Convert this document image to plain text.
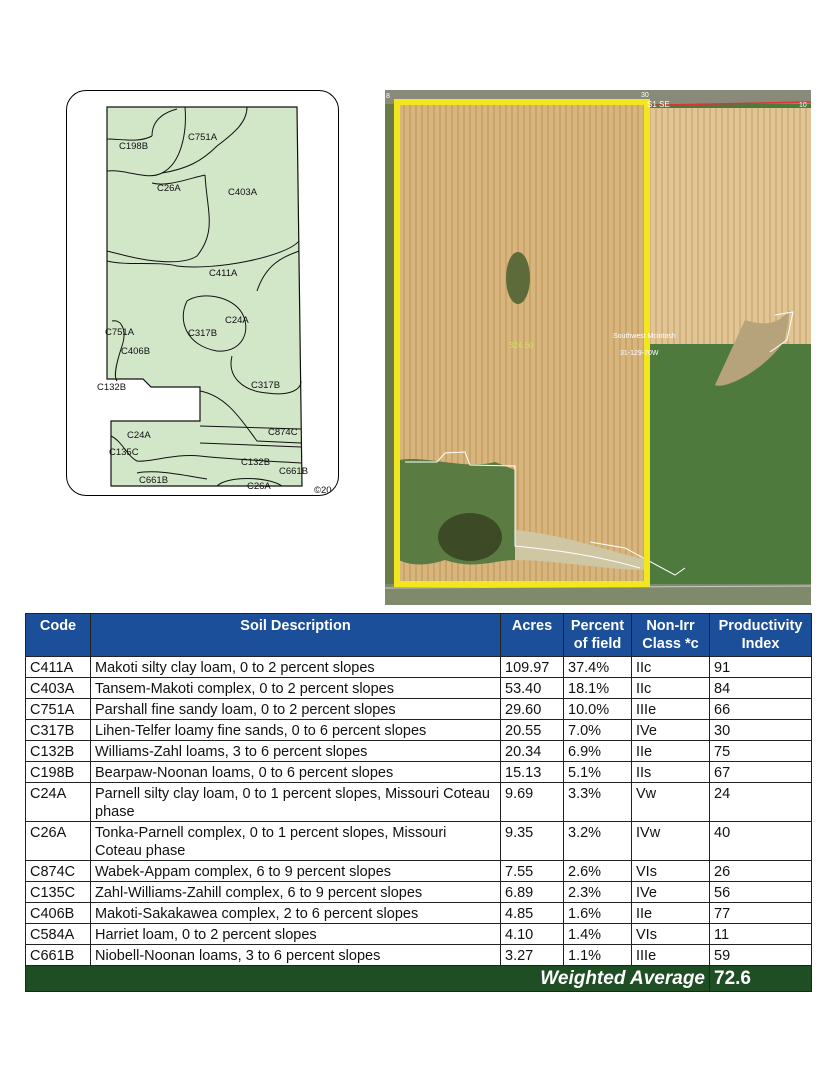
C751A
C198B
C26A	C403A
C411A
C24A
C751A	C317B
C406B
C317B
C132B
C874C
C24A
C135C
C132B
C661B
C661B
C26A	©20
324.50
S1 SE
Southwest Mcintosh
31-129-70W
30
10
8
Code	Soil Description	Acres	Percent of field	Non-Irr Class *c	Productivity Index
C411A	Makoti silty clay loam, 0 to 2 percent slopes	109.97	37.4%	IIc	91
C403A	Tansem-Makoti complex, 0 to 2 percent slopes	53.40	18.1%	IIc	84
C751A	Parshall fine sandy loam, 0 to 2 percent slopes	29.60	10.0%	IIIe	66
C317B	Lihen-Telfer loamy fine sands, 0 to 6 percent slopes	20.55	7.0%	IVe	30
C132B	Williams-Zahl loams, 3 to 6 percent slopes	20.34	6.9%	IIe	75
C198B	Bearpaw-Noonan loams, 0 to 6 percent slopes	15.13	5.1%	IIs	67
C24A	Parnell silty clay loam, 0 to 1 percent slopes, Missouri Coteau phase	9.69	3.3%	Vw	24
C26A	Tonka-Parnell complex, 0 to 1 percent slopes, Missouri Coteau phase	9.35	3.2%	IVw	40
C874C	Wabek-Appam complex, 6 to 9 percent slopes	7.55	2.6%	VIs	26
C135C	Zahl-Williams-Zahill complex, 6 to 9 percent slopes	6.89	2.3%	IVe	56
C406B	Makoti-Sakakawea complex, 2 to 6 percent slopes	4.85	1.6%	IIe	77
C584A	Harriet loam, 0 to 2 percent slopes	4.10	1.4%	VIs	11
C661B	Niobell-Noonan loams, 3 to 6 percent slopes	3.27	1.1%	IIIe	59
Weighted Average					72.6
